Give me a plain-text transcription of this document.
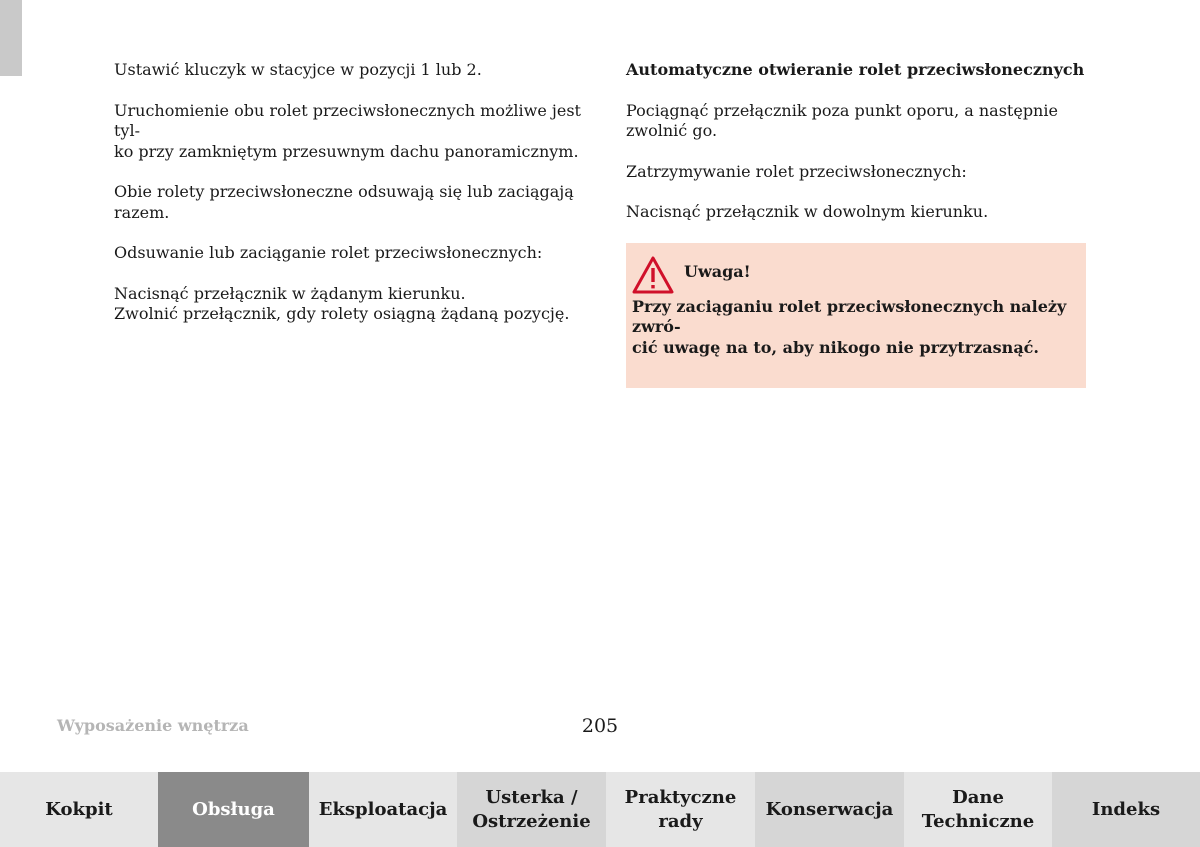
Ustawić kluczyk w stacyjce w pozycji 1 lub 2.

Uruchomienie obu rolet przeciwsłonecznych możliwe jest tyl-
ko przy zamkniętym przesuwnym dachu panoramicznym.

Obie rolety przeciwsłoneczne odsuwają się lub zaciągają razem.

Odsuwanie lub zaciąganie rolet przeciwsłonecznych:

Nacisnąć przełącznik w żądanym kierunku.
Zwolnić przełącznik, gdy rolety osiągną żądaną pozycję.

Automatyczne otwieranie rolet przeciwsłonecznych

Pociągnąć przełącznik poza punkt oporu, a następnie zwolnić go.

Zatrzymywanie rolet przeciwsłonecznych:

Nacisnąć przełącznik w dowolnym kierunku.

Uwaga!

Przy zaciąganiu rolet przeciwsłonecznych należy zwró-
cić uwagę na to, aby nikogo nie przytrzasnąć.

Wyposażenie wnętrza	205
Kokpit	Obsługa	Eksploatacja
Usterka /
Ostrzeżenie
Praktyczne
rady
Konserwacja
Dane
Techniczne
Indeks
